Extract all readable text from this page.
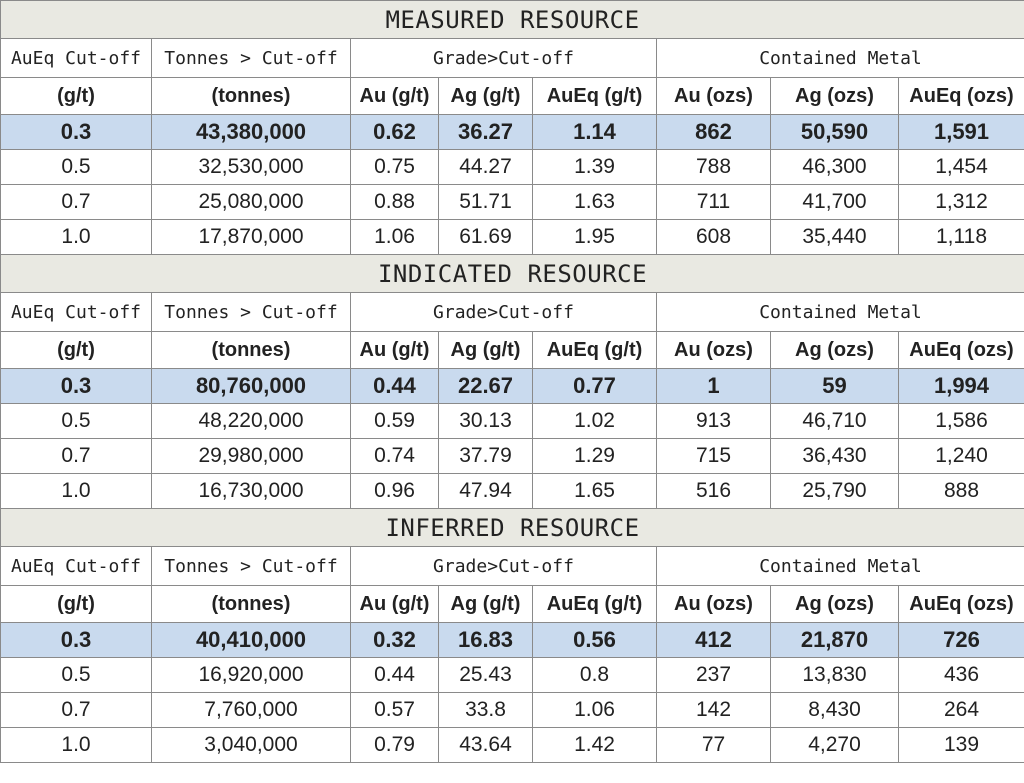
MEASURED RESOURCE							
AuEq Cut-off	Tonnes > Cut-off	Grade>Cut-off			Contained Metal		
(g/t)	(tonnes)	Au (g/t)	Ag (g/t)	AuEq (g/t)	Au (ozs)	Ag (ozs)	AuEq (ozs)
0.3	43,380,000	0.62	36.27	1.14	862	50,590	1,591
0.5	32,530,000	0.75	44.27	1.39	788	46,300	1,454
0.7	25,080,000	0.88	51.71	1.63	711	41,700	1,312
1.0	17,870,000	1.06	61.69	1.95	608	35,440	1,118
INDICATED RESOURCE							
AuEq Cut-off	Tonnes > Cut-off	Grade>Cut-off			Contained Metal		
(g/t)	(tonnes)	Au (g/t)	Ag (g/t)	AuEq (g/t)	Au (ozs)	Ag (ozs)	AuEq (ozs)
0.3	80,760,000	0.44	22.67	0.77	1	59	1,994
0.5	48,220,000	0.59	30.13	1.02	913	46,710	1,586
0.7	29,980,000	0.74	37.79	1.29	715	36,430	1,240
1.0	16,730,000	0.96	47.94	1.65	516	25,790	888
INFERRED RESOURCE							
AuEq Cut-off	Tonnes > Cut-off	Grade>Cut-off			Contained Metal		
(g/t)	(tonnes)	Au (g/t)	Ag (g/t)	AuEq (g/t)	Au (ozs)	Ag (ozs)	AuEq (ozs)
0.3	40,410,000	0.32	16.83	0.56	412	21,870	726
0.5	16,920,000	0.44	25.43	0.8	237	13,830	436
0.7	7,760,000	0.57	33.8	1.06	142	8,430	264
1.0	3,040,000	0.79	43.64	1.42	77	4,270	139
